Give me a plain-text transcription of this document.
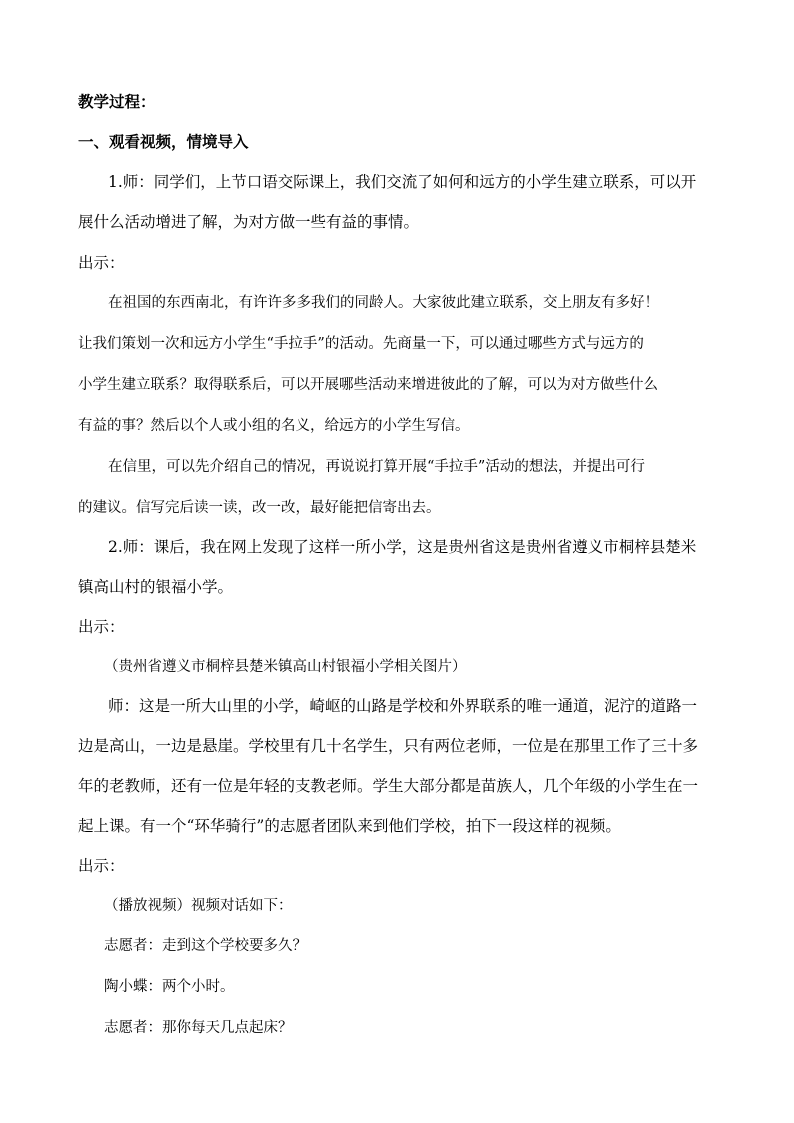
教学过程：
一、观看视频，情境导入
1.师：同学们，上节口语交际课上，我们交流了如何和远方的小学生建立联系，可以开
展什么活动增进了解，为对方做一些有益的事情。
出示：
在祖国的东西南北，有许许多多我们的同龄人。大家彼此建立联系，交上朋友有多好！
让我们策划一次和远方小学生“手拉手”的活动。先商量一下，可以通过哪些方式与远方的
小学生建立联系？取得联系后，可以开展哪些活动来增进彼此的了解，可以为对方做些什么
有益的事？然后以个人或小组的名义，给远方的小学生写信。
在信里，可以先介绍自己的情况，再说说打算开展“手拉手”活动的想法，并提出可行
的建议。信写完后读一读，改一改，最好能把信寄出去。
2.师：课后，我在网上发现了这样一所小学，这是贵州省这是贵州省遵义市桐梓县楚米
镇高山村的银福小学。
出示：
（贵州省遵义市桐梓县楚米镇高山村银福小学相关图片）
师：这是一所大山里的小学，崎岖的山路是学校和外界联系的唯一通道，泥泞的道路一
边是高山，一边是悬崖。学校里有几十名学生，只有两位老师，一位是在那里工作了三十多
年的老教师，还有一位是年轻的支教老师。学生大部分都是苗族人，几个年级的小学生在一
起上课。有一个“环华骑行”的志愿者团队来到他们学校，拍下一段这样的视频。
出示：
（播放视频）视频对话如下：
志愿者：走到这个学校要多久？
陶小蝶：两个小时。
志愿者：那你每天几点起床？
